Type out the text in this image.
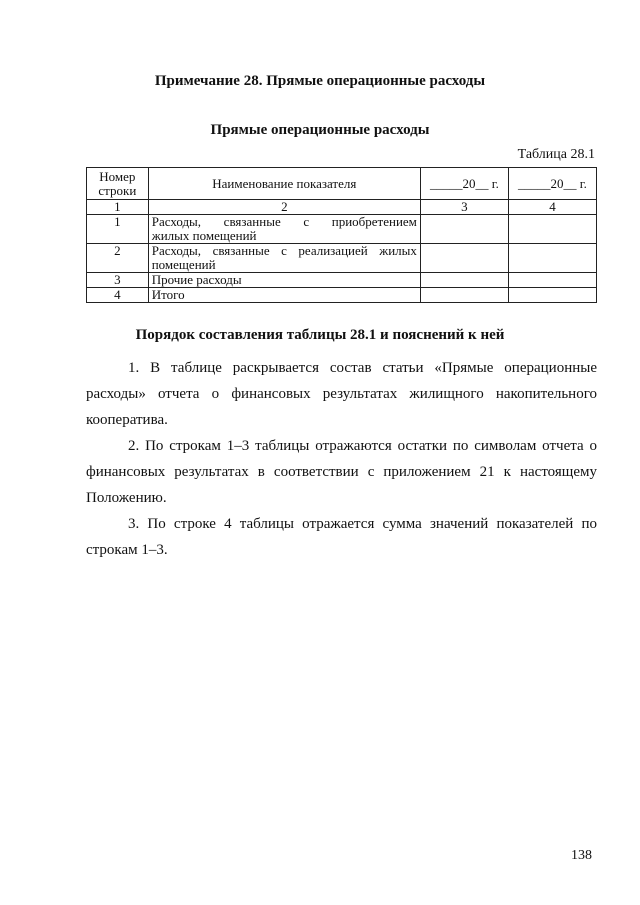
Примечание 28. Прямые операционные расходы
Прямые операционные расходы
Таблица 28.1
Номер
строки	Наименование показателя	_____20__ г.	_____20__ г.
1	2	3	4
1	Расходы, связанные с приобретением
жилых помещений		

2	Расходы, связанные с реализацией жилых
помещений		

3	Прочие расходы		

4	Итого		

Порядок составления таблицы 28.1 и пояснений к ней
1. В таблице раскрывается состав статьи «Прямые операционные
расходы» отчета о финансовых результатах жилищного накопительного
кооператива.
2. По строкам 1–3 таблицы отражаются остатки по символам отчета о
финансовых результатах в соответствии с приложением 21 к настоящему
Положению.
3. По строке 4 таблицы отражается сумма значений показателей по
строкам 1–3.
138
